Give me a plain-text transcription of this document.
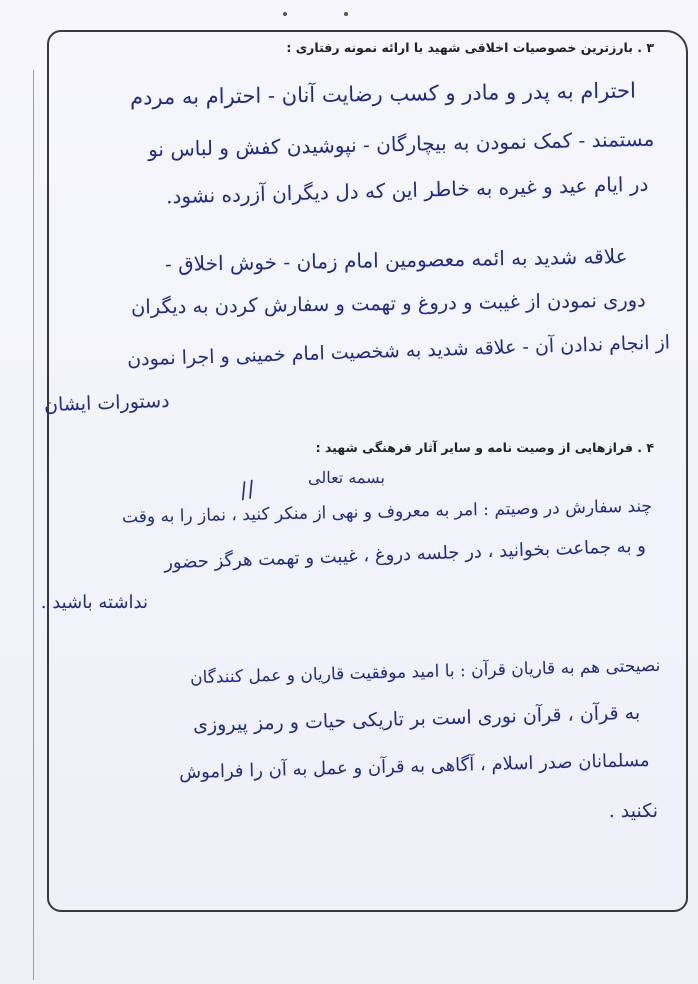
۳ . بارزترین خصوصیات اخلاقی شهید با ارائه نمونه رفتاری :
احترام به پدر و مادر و کسب رضایت آنان - احترام به مردم
مستمند - کمک نمودن به بیچارگان - نپوشیدن کفش و لباس نو
در ایام عید و غیره به خاطر این که دل دیگران آزرده نشود.
علاقه شدید به ائمه معصومین امام زمان - خوش اخلاق -
دوری نمودن از غیبت و دروغ و تهمت و سفارش کردن به دیگران
از انجام ندادن آن - علاقه شدید به شخصیت امام خمینی و اجرا نمودن
دستورات ایشان
۴ . فرازهایی از وصیت نامه و سایر آثار فرهنگی شهید :
بسمه تعالی
//
چند سفارش در وصیتم : امر به معروف و نهی از منکر کنید ، نماز را به وقت
و به جماعت بخوانید ، در جلسه دروغ ، غیبت و تهمت هرگز حضور
نداشته باشید .
نصیحتی هم به قاریان قرآن : با امید موفقیت قاریان و عمل کنندگان
به قرآن ، قرآن نوری است بر تاریکی حیات و رمز پیروزی
مسلمانان صدر اسلام ، آگاهی به قرآن و عمل به آن را فراموش
نکنید .
